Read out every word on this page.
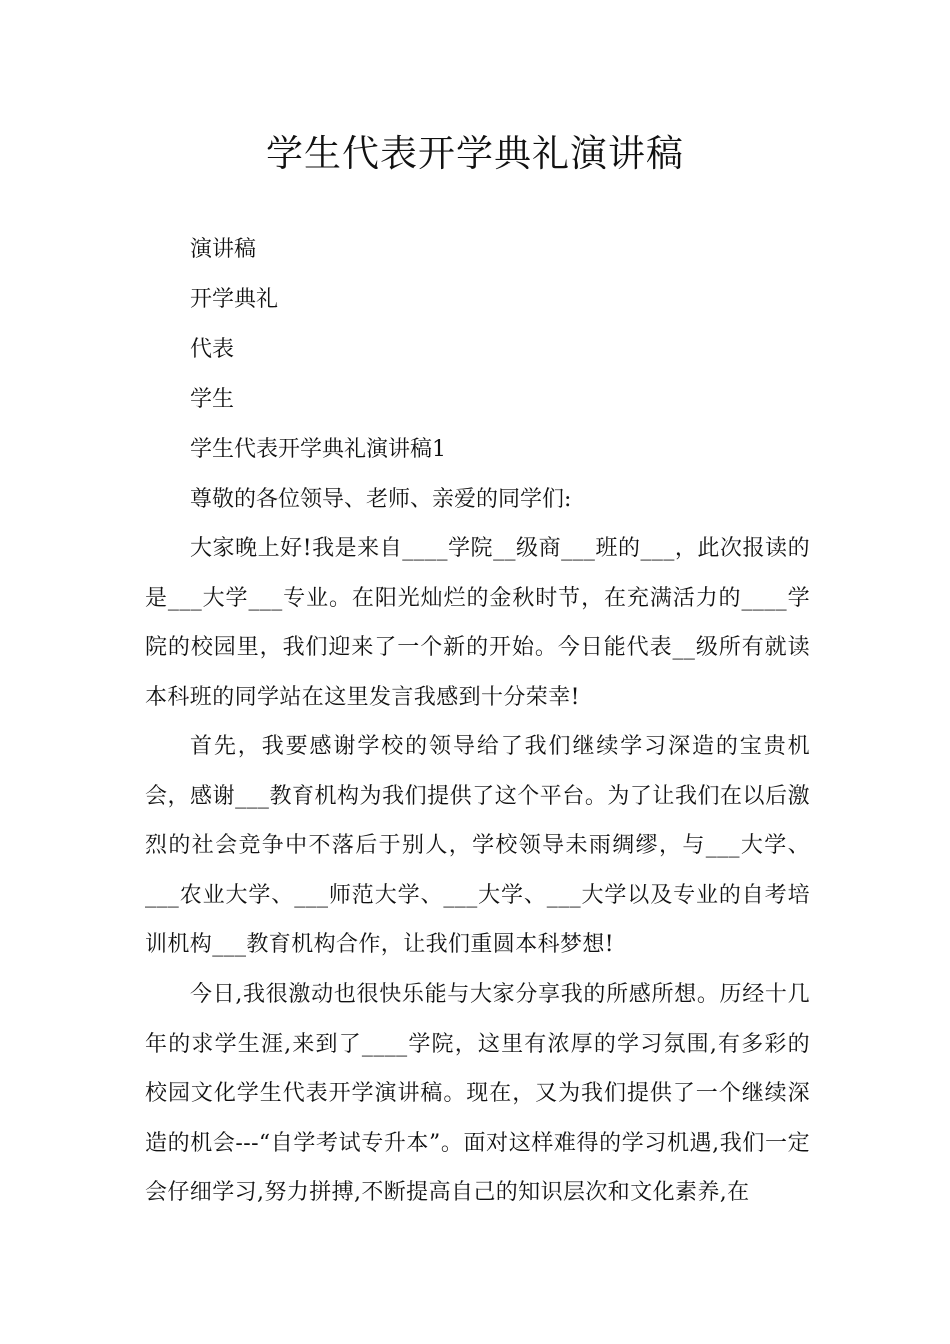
学生代表开学典礼演讲稿

演讲稿

开学典礼

代表

学生

学生代表开学典礼演讲稿1

尊敬的各位领导、老师、亲爱的同学们:

大家晚上好!我是来自____学院__级商___班的___，此次报读的是___大学___专业。在阳光灿烂的金秋时节，在充满活力的____学院的校园里，我们迎来了一个新的开始。今日能代表__级所有就读本科班的同学站在这里发言我感到十分荣幸!

首先，我要感谢学校的领导给了我们继续学习深造的宝贵机会，感谢___教育机构为我们提供了这个平台。为了让我们在以后激烈的社会竞争中不落后于别人，学校领导未雨绸缪，与___大学、___农业大学、___师范大学、___大学、___大学以及专业的自考培训机构___教育机构合作，让我们重圆本科梦想!

今日,我很激动也很快乐能与大家分享我的所感所想。历经十几年的求学生涯,来到了____学院，这里有浓厚的学习氛围,有多彩的校园文化学生代表开学演讲稿。现在，又为我们提供了一个继续深造的机会---“自学考试专升本”。面对这样难得的学习机遇,我们一定会仔细学习,努力拼搏,不断提高自己的知识层次和文化素养,在
